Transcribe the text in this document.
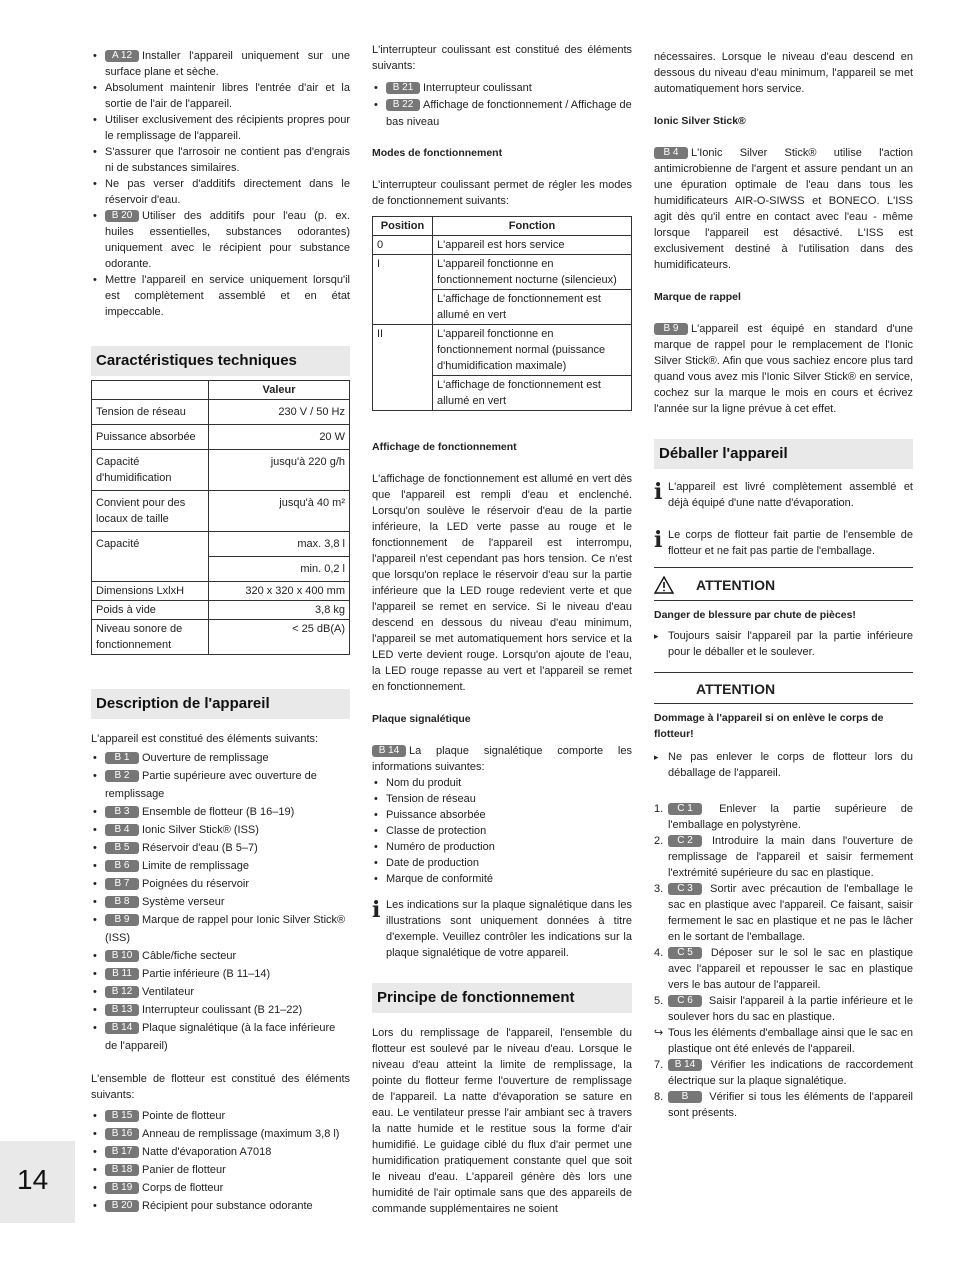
• A 12 Installer l'appareil uniquement sur une surface plane et sèche.
• Absolument maintenir libres l'entrée d'air et la sortie de l'air de l'appareil.
• Utiliser exclusivement des récipients propres pour le remplissage de l'appareil.
• S'assurer que l'arrosoir ne contient pas d'engrais ni de substances similaires.
• Ne pas verser d'additifs directement dans le réservoir d'eau.
• B 20 Utiliser des additifs pour l'eau (p. ex. huiles essentielles, substances odorantes) uniquement avec le récipient pour substance odorante.
• Mettre l'appareil en service uniquement lorsqu'il est complètement assemblé et en état impeccable.
Caractéristiques techniques
	Valeur
Tension de réseau	230 V / 50 Hz
Puissance absorbée	20 W
Capacité d'humidification	jusqu'à 220 g/h
Convient pour des locaux de taille	jusqu'à 40 m²
Capacité	max. 3,8 l
	min. 0,2 l
Dimensions LxlxH	320 x 320 x 400 mm
Poids à vide	3,8 kg
Niveau sonore de fonctionnement	< 25 dB(A)
Description de l'appareil

L'appareil est constitué des éléments suivants:

• B 1 Ouverture de remplissage
• B 2 Partie supérieure avec ouverture de remplissage
• B 3 Ensemble de flotteur (B 16–19)
• B 4 Ionic Silver Stick® (ISS)
• B 5 Réservoir d'eau (B 5–7)
• B 6 Limite de remplissage
• B 7 Poignées du réservoir
• B 8 Système verseur
• B 9 Marque de rappel pour Ionic Silver Stick® (ISS)
• B 10 Câble/fiche secteur
• B 11 Partie inférieure (B 11–14)
• B 12 Ventilateur
• B 13 Interrupteur coulissant (B 21–22)
• B 14 Plaque signalétique (à la face inférieure de l'appareil)

L'ensemble de flotteur est constitué des éléments suivants:

• B 15 Pointe de flotteur
• B 16 Anneau de remplissage (maximum 3,8 l)
• B 17 Natte d'évaporation A7018
• B 18 Panier de flotteur
• B 19 Corps de flotteur
• B 20 Récipient pour substance odorante

L'interrupteur coulissant est constitué des éléments suivants:

• B 21 Interrupteur coulissant
• B 22 Affichage de fonctionnement / Affichage de bas niveau
Modes de fonctionnement

L'interrupteur coulissant permet de régler les modes de fonctionnement suivants:

Position	Fonction
0	L'appareil est hors service
I	L'appareil fonctionne en fonctionnement nocturne (silencieux)
	L'affichage de fonctionnement est allumé en vert
II	L'appareil fonctionne en fonctionnement normal (puissance d'humidification maximale)
	L'affichage de fonctionnement est allumé en vert
Affichage de fonctionnement

L'affichage de fonctionnement est allumé en vert dès que l'appareil est rempli d'eau et enclenché. Lorsqu'on soulève le réservoir d'eau de la partie inférieure, la LED verte passe au rouge et le fonctionnement de l'appareil est interrompu, l'appareil n'est cependant pas hors tension. Ce n'est que lorsqu'on replace le réservoir d'eau sur la partie inférieure que la LED rouge redevient verte et que l'appareil se remet en service. Si le niveau d'eau descend en dessous du niveau d'eau minimum, l'appareil se met automatiquement hors service et la LED verte devient rouge. Lorsqu'on ajoute de l'eau, la LED rouge repasse au vert et l'appareil se remet en fonctionnement.

Plaque signalétique

B 14 La plaque signalétique comporte les informations suivantes:

• Nom du produit
• Tension de réseau
• Puissance absorbée
• Classe de protection
• Numéro de production
• Date de production
• Marque de conformité
i Les indications sur la plaque signalétique dans les illustrations sont uniquement données à titre d'exemple. Veuillez contrôler les indications sur la plaque signalétique de votre appareil.

Principe de fonctionnement

Lors du remplissage de l'appareil, l'ensemble du flotteur est soulevé par le niveau d'eau. Lorsque le niveau d'eau atteint la limite de remplissage, la pointe du flotteur ferme l'ouverture de remplissage de l'appareil. La natte d'évaporation se sature en eau. Le ventilateur presse l'air ambiant sec à travers la natte humide et le restitue sous la forme d'air humidifié. Le guidage ciblé du flux d'air permet une humidification pratiquement constante quel que soit le niveau d'eau. L'appareil génère dès lors une humidité de l'air optimale sans que des appareils de commande supplémentaires ne soient

nécessaires. Lorsque le niveau d'eau descend en dessous du niveau d'eau minimum, l'appareil se met automatiquement hors service.

Ionic Silver Stick®

B 4 L'Ionic Silver Stick® utilise l'action antimicrobienne de l'argent et assure pendant un an une épuration optimale de l'eau dans tous les humidificateurs AIR-O-SIWSS et BONECO. L'ISS agit dès qu'il entre en contact avec l'eau - même lorsque l'appareil est désactivé. L'ISS est exclusivement destiné à l'utilisation dans des humidificateurs.

Marque de rappel

B 9 L'appareil est équipé en standard d'une marque de rappel pour le remplacement de l'Ionic Silver Stick®. Afin que vous sachiez encore plus tard quand vous avez mis l'Ionic Silver Stick® en service, cochez sur la marque le mois en cours et écrivez l'année sur la ligne prévue à cet effet.

Déballer l'appareil
i L'appareil est livré complètement assemblé et déjà équipé d'une natte d'évaporation.

i Le corps de flotteur fait partie de l'ensemble de flotteur et ne fait pas partie de l'emballage.

ATTENTION
Danger de blessure par chute de pièces!
▸ Toujours saisir l'appareil par la partie inférieure pour le déballer et le soulever.
ATTENTION
Dommage à l'appareil si on enlève le corps de flotteur!
▸ Ne pas enlever le corps de flotteur lors du déballage de l'appareil.
1. C 1 Enlever la partie supérieure de l'emballage en polystyrène.
2. C 2 Introduire la main dans l'ouverture de remplissage de l'appareil et saisir fermement l'extrémité supérieure du sac en plastique.
3. C 3 Sortir avec précaution de l'emballage le sac en plastique avec l'appareil. Ce faisant, saisir fermement le sac en plastique et ne pas le lâcher en le sortant de l'emballage.
4. C 5 Déposer sur le sol le sac en plastique avec l'appareil et repousser le sac en plastique vers le bas autour de l'appareil.
5. C 6 Saisir l'appareil à la partie inférieure et le soulever hors du sac en plastique.
↪ Tous les éléments d'emballage ainsi que le sac en plastique ont été enlevés de l'appareil.
7. B 14 Vérifier les indications de raccordement électrique sur la plaque signalétique.
8. B Vérifier si tous les éléments de l'appareil sont présents.
14
